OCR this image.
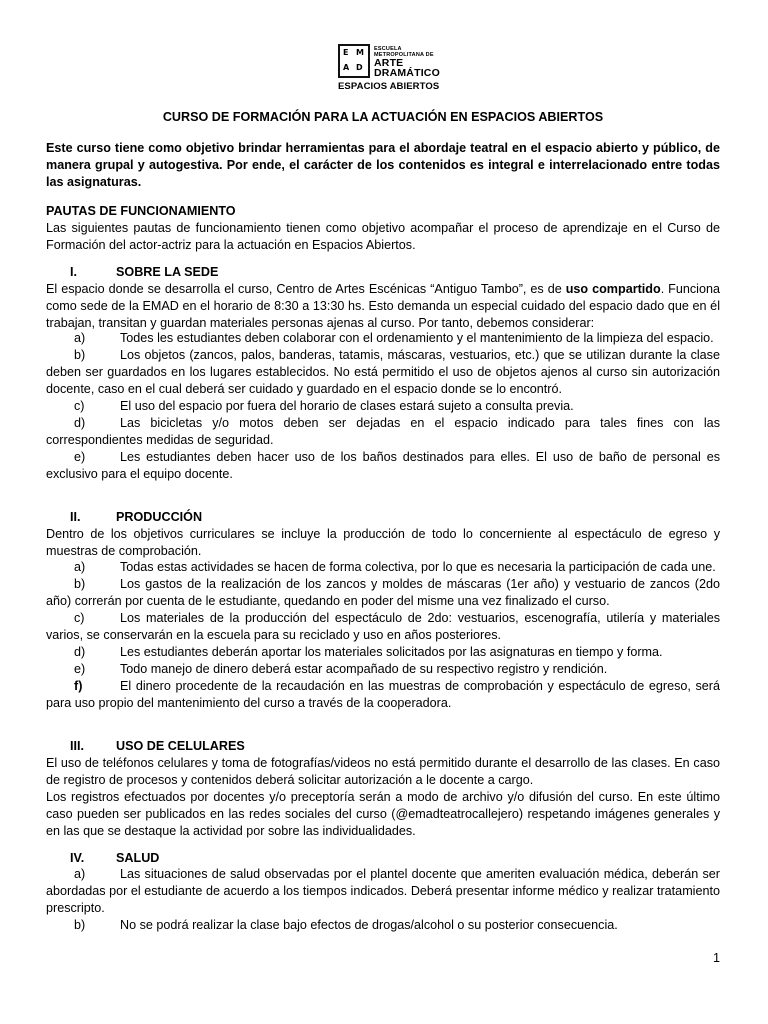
E M
A D
ESCUELA
METROPOLITANA DE
ARTE
DRAMÁTICO
ESPACIOS ABIERTOS
CURSO DE FORMACIÓN PARA LA ACTUACIÓN EN ESPACIOS ABIERTOS
Este curso tiene como objetivo brindar herramientas para el abordaje teatral en el espacio abierto y público, de manera grupal y autogestiva. Por ende, el carácter de los contenidos es integral e interrelacionado entre todas las asignaturas.
PAUTAS DE FUNCIONAMIENTO
Las siguientes pautas de funcionamiento tienen como objetivo acompañar el proceso de aprendizaje en el Curso de Formación del actor-actriz para la actuación en Espacios Abiertos.
I.	SOBRE LA SEDE
El espacio donde se desarrolla el curso, Centro de Artes Escénicas “Antiguo Tambo”, es de uso compartido. Funciona como sede de la EMAD en el horario de 8:30 a 13:30 hs. Esto demanda un especial cuidado del espacio dado que en él trabajan, transitan y guardan materiales personas ajenas al curso. Por tanto, debemos considerar:
a)	Todes les estudiantes deben colaborar con el ordenamiento y el mantenimiento de la limpieza del espacio.
b)	Los objetos (zancos, palos, banderas, tatamis, máscaras, vestuarios, etc.) que se utilizan durante la clase deben ser guardados en los lugares establecidos. No está permitido el uso de objetos ajenos al curso sin autorización docente, caso en el cual deberá ser cuidado y guardado en el espacio donde se lo encontró.
c)	El uso del espacio por fuera del horario de clases estará sujeto a consulta previa.
d)	Las bicicletas y/o motos deben ser dejadas en el espacio indicado para tales fines con las correspondientes medidas de seguridad.
e)	Les estudiantes deben hacer uso de los baños destinados para elles. El uso de baño de personal es exclusivo para el equipo docente.
II.	PRODUCCIÓN
Dentro de los objetivos curriculares se incluye la producción de todo lo concerniente al espectáculo de egreso y muestras de comprobación.
a)	Todas estas actividades se hacen de forma colectiva, por lo que es necesaria la participación de cada une.
b)	Los gastos de la realización de los zancos y moldes de máscaras (1er año) y vestuario de zancos (2do año) correrán por cuenta de le estudiante, quedando en poder del misme una vez finalizado el curso.
c)	Los materiales de la producción del espectáculo de 2do: vestuarios, escenografía, utilería y materiales varios, se conservarán en la escuela para su reciclado y uso en años posteriores.
d)	Les estudiantes deberán aportar los materiales solicitados por las asignaturas en tiempo y forma.
e)	Todo manejo de dinero deberá estar acompañado de su respectivo registro y rendición.
f)	El dinero procedente de la recaudación en las muestras de comprobación y espectáculo de egreso, será para uso propio del mantenimiento del curso a través de la cooperadora.
III.	USO DE CELULARES
El uso de teléfonos celulares y toma de fotografías/videos no está permitido durante el desarrollo de las clases. En caso de registro de procesos y contenidos deberá solicitar autorización a le docente a cargo.
Los registros efectuados por docentes y/o preceptoría serán a modo de archivo y/o difusión del curso. En este último caso pueden ser publicados en las redes sociales del curso (@emadteatrocallejero) respetando imágenes generales y en las que se destaque la actividad por sobre las individualidades.
IV.	SALUD
a)	Las situaciones de salud observadas por el plantel docente que ameriten evaluación médica, deberán ser abordadas por el estudiante de acuerdo a los tiempos indicados. Deberá presentar informe médico y realizar tratamiento prescripto.
b)	No se podrá realizar la clase bajo efectos de drogas/alcohol o su posterior consecuencia.
1
